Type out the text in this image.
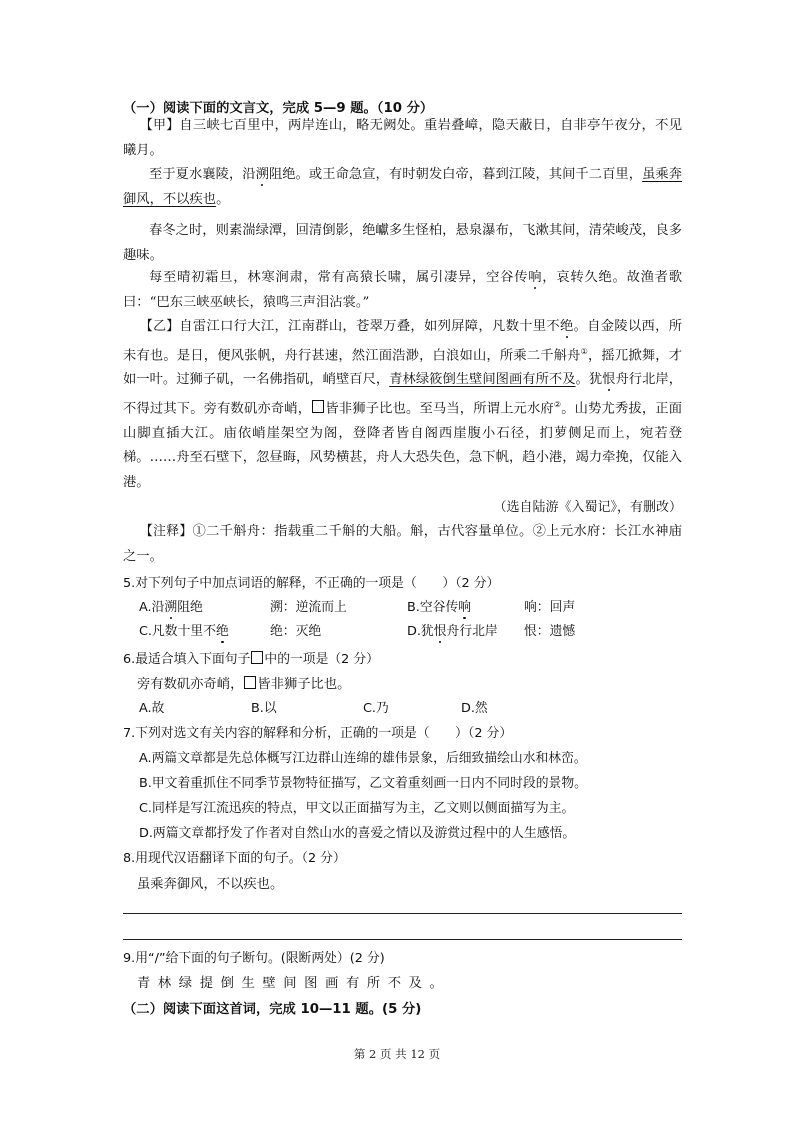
（一）阅读下面的文言文，完成 5—9 题。（10 分）
【甲】自三峡七百里中，两岸连山，略无阙处。重岩叠嶂，隐天蔽日，自非亭午夜分，不见曦月。
至于夏水襄陵，沿溯阻绝。或王命急宣，有时朝发白帝，暮到江陵，其间千二百里，虽乘奔御风，不以疾也。
春冬之时，则素湍绿潭，回清倒影，绝巘多生怪柏，悬泉瀑布，飞漱其间，清荣峻茂，良多趣味。
每至晴初霜旦，林寒涧肃，常有高猿长啸，属引凄异，空谷传响，哀转久绝。故渔者歌曰：“巴东三峡巫峡长，猿鸣三声泪沾裳。”
【乙】自雷江口行大江，江南群山，苍翠万叠，如列屏障，凡数十里不绝。自金陵以西，所未有也。是日，便风张帆，舟行甚速，然江面浩渺，白浪如山，所乘二千斛舟①，摇兀掀舞，才如一叶。过狮子矶，一名佛指矶，峭壁百尺，青林绿筱倒生壁间图画有所不及。犹恨舟行北岸，不得过其下。旁有数矶亦奇峭， 皆非狮子比也。至马当，所谓上元水府②。山势尤秀拔，正面山脚直插大江。庙依峭崖架空为阁，登降者皆自阁西崖腹小石径，扪萝侧足而上，宛若登梯。……舟至石壁下，忽昼晦，风势横甚，舟人大恐失色，急下帆，趋小港，竭力牵挽，仅能入港。
（选自陆游《入蜀记》，有删改）
【注释】①二千斛舟：指载重二千斛的大船。斛，古代容量单位。②上元水府：长江水神庙之一。
5.对下列句子中加点词语的解释，不正确的一项是（　　）（2 分）
A.沿溯阻绝	溯：逆流而上	B.空谷传响	响：回声
C.凡数十里不绝	绝：灭绝	D.犹恨舟行北岸 恨：遗憾
6.最适合填入下面句子 中的一项是（2 分）
旁有数矶亦奇峭， 皆非狮子比也。
A.故	B.以	C.乃	D.然
7.下列对选文有关内容的解释和分析，正确的一项是（　　）（2 分）
A.两篇文章都是先总体概写江边群山连绵的雄伟景象，后细致描绘山水和林峦。
B.甲文着重抓住不同季节景物特征描写，乙文着重刻画一日内不同时段的景物。
C.同样是写江流迅疾的特点，甲文以正面描写为主，乙文则以侧面描写为主。
D.两篇文章都抒发了作者对自然山水的喜爱之情以及游赏过程中的人生感悟。
8.用现代汉语翻译下面的句子。（2 分）
虽乘奔御风，不以疾也。
9.用“/”给下面的句子断句。(限断两处）(2 分)
青林绿提倒生壁间图画有所不及。
（二）阅读下面这首词，完成 10—11 题。(5 分)
第 2 页 共 12 页
